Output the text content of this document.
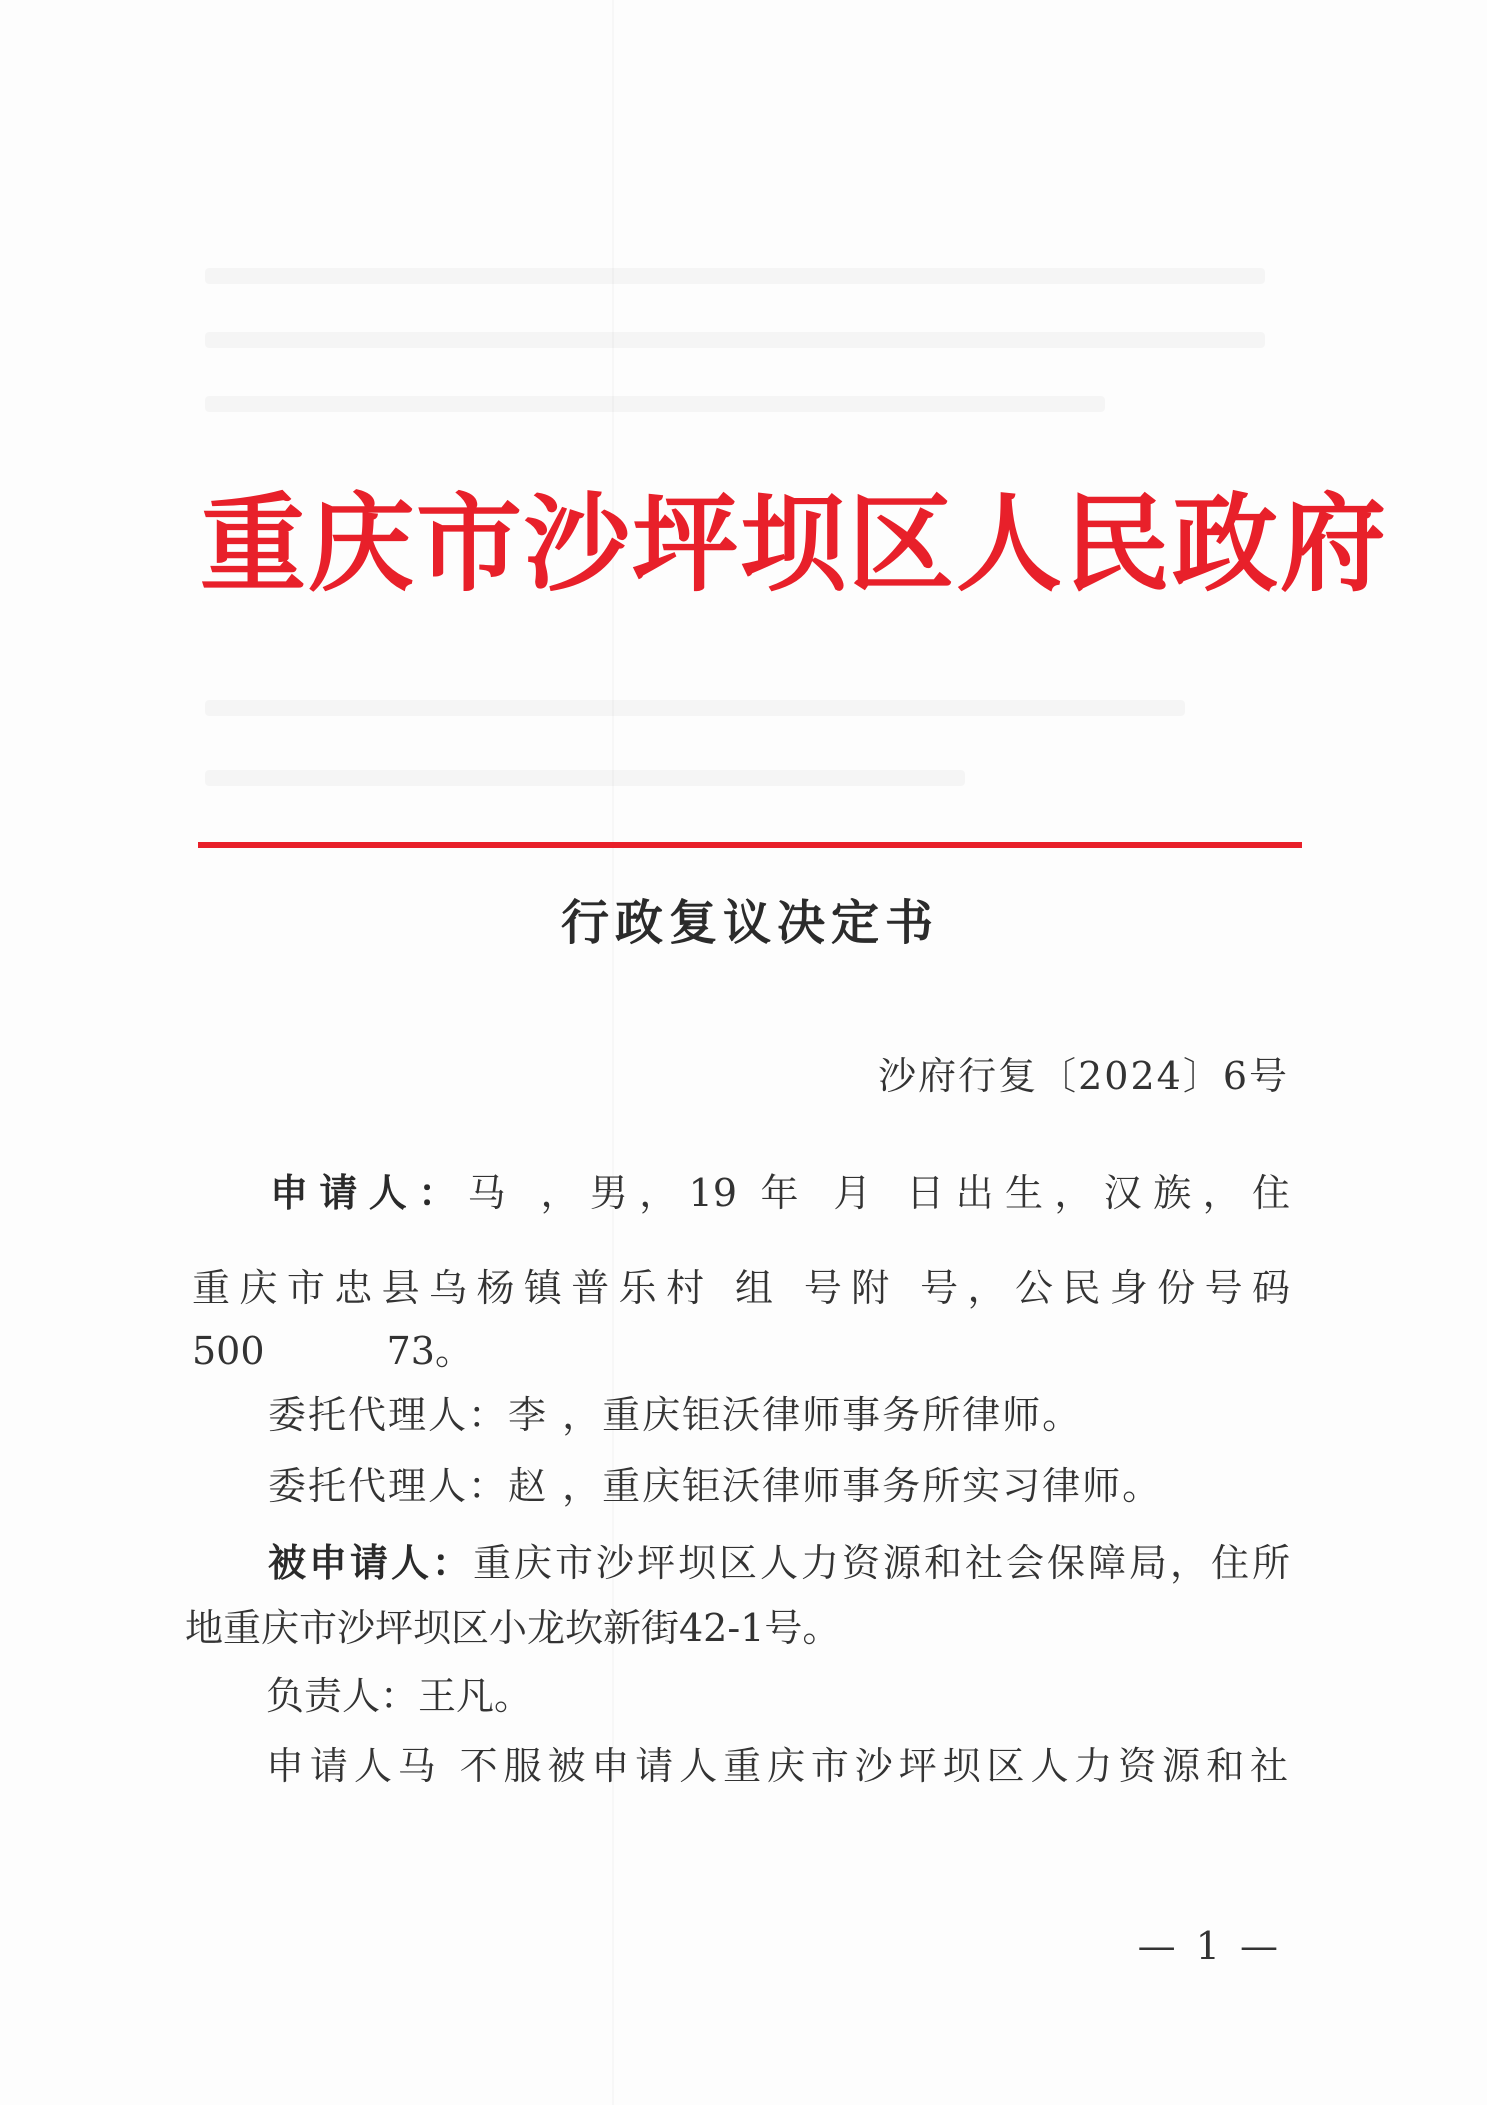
重庆市沙坪坝区人民政府
行政复议决定书
沙府行复〔2024〕6号
申请人：马 ，男，19 年 月 日出生，汉族，住
重庆市忠县乌杨镇普乐村 组 号附 号，公民身份号码
500 73。
委托代理人：李 ，重庆钜沃律师事务所律师。
委托代理人：赵 ，重庆钜沃律师事务所实习律师。
被申请人：重庆市沙坪坝区人力资源和社会保障局，住所
地重庆市沙坪坝区小龙坎新街42-1号。
负责人：王凡。
申请人马 不服被申请人重庆市沙坪坝区人力资源和社
— 1 —
